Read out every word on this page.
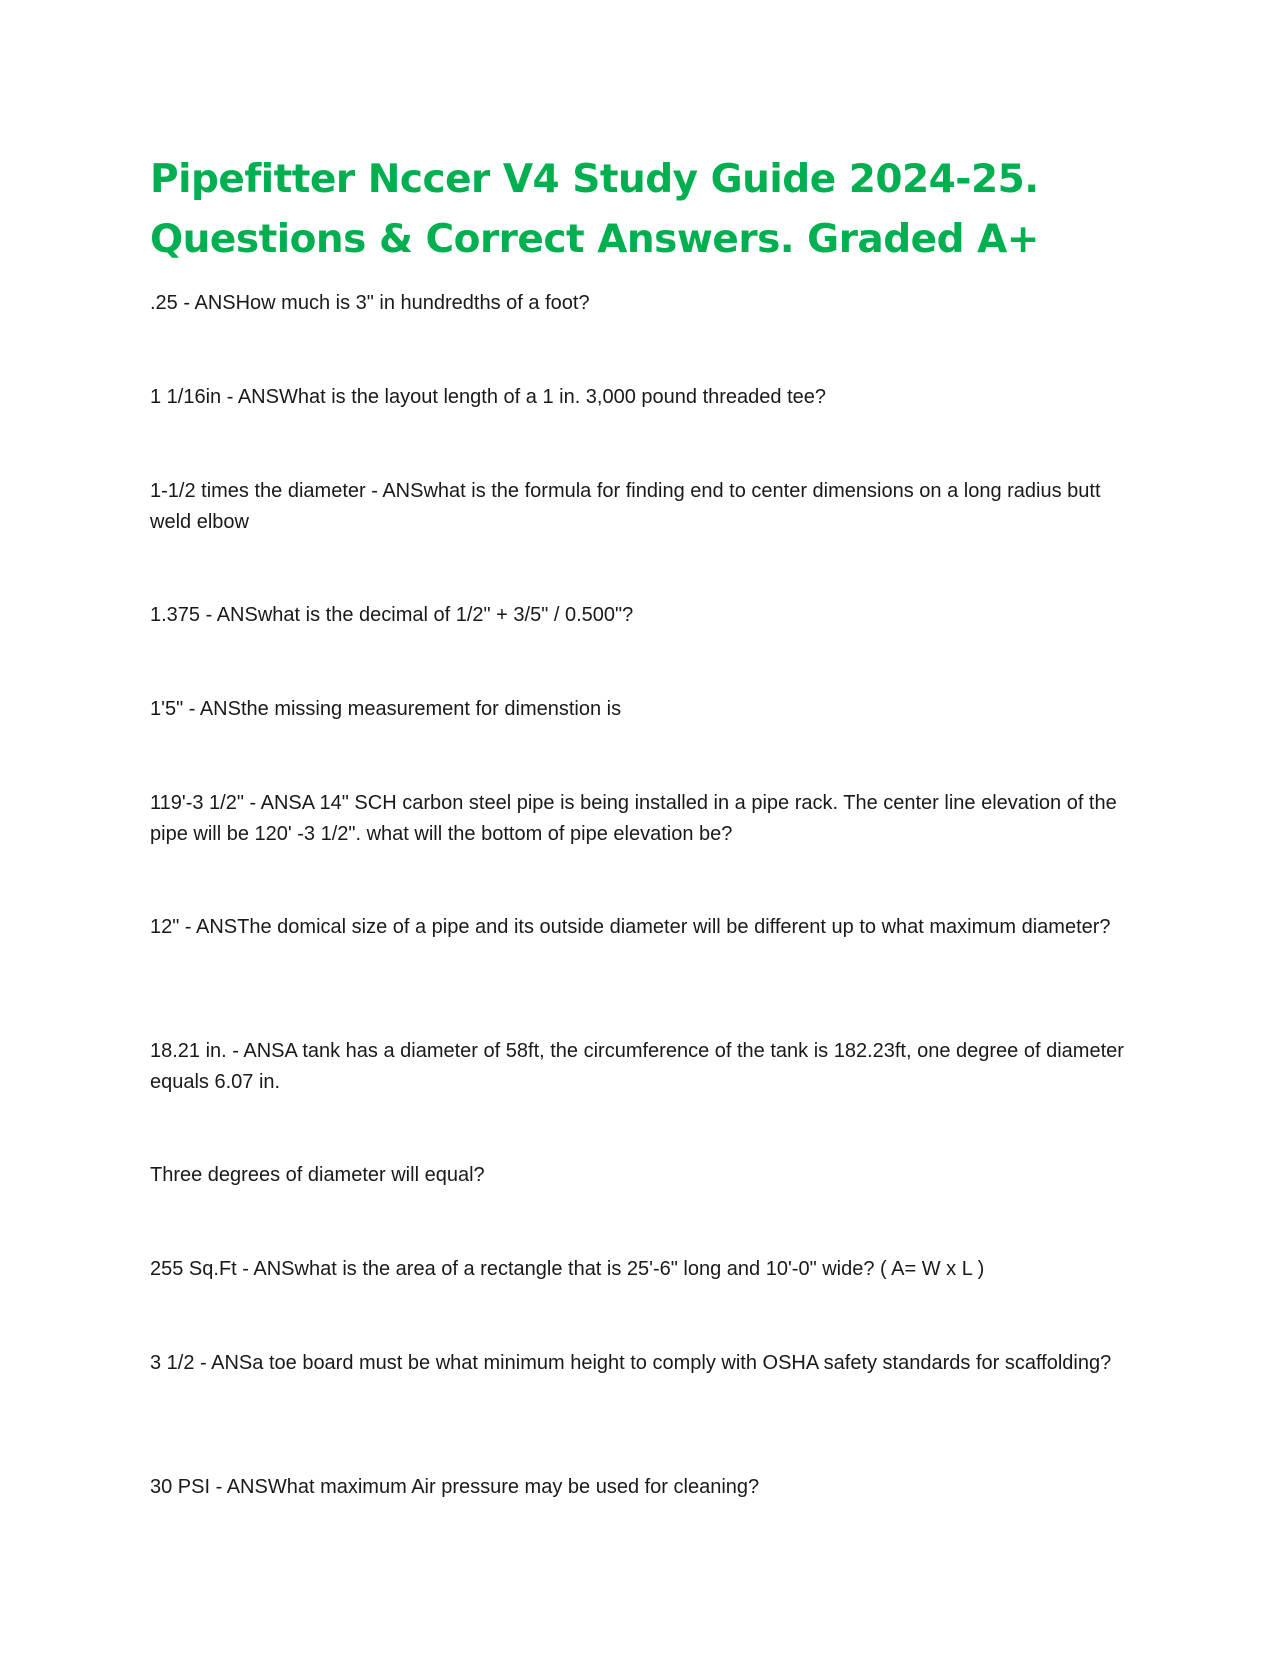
Pipefitter Nccer V4 Study Guide 2024-25.
Questions & Correct Answers. Graded A+

.25 - ANSHow much is 3" in hundredths of a foot?

1 1/16in - ANSWhat is the layout length of a 1 in. 3,000 pound threaded tee?

1-1/2 times the diameter - ANSwhat is the formula for finding end to center dimensions on a long radius butt weld elbow

1.375 - ANSwhat is the decimal of 1/2" + 3/5" / 0.500"?

1'5" - ANSthe missing measurement for dimenstion is

119'-3 1/2" - ANSA 14" SCH carbon steel pipe is being installed in a pipe rack. The center line elevation of the pipe will be 120' -3 1/2". what will the bottom of pipe elevation be?

12" - ANSThe domical size of a pipe and its outside diameter will be different up to what maximum diameter?

18.21 in. - ANSA tank has a diameter of 58ft, the circumference of the tank is 182.23ft, one degree of diameter equals 6.07 in.

Three degrees of diameter will equal?

255 Sq.Ft - ANSwhat is the area of a rectangle that is 25'-6" long and 10'-0" wide? ( A= W x L )

3 1/2 - ANSa toe board must be what minimum height to comply with OSHA safety standards for scaffolding?

30 PSI - ANSWhat maximum Air pressure may be used for cleaning?
